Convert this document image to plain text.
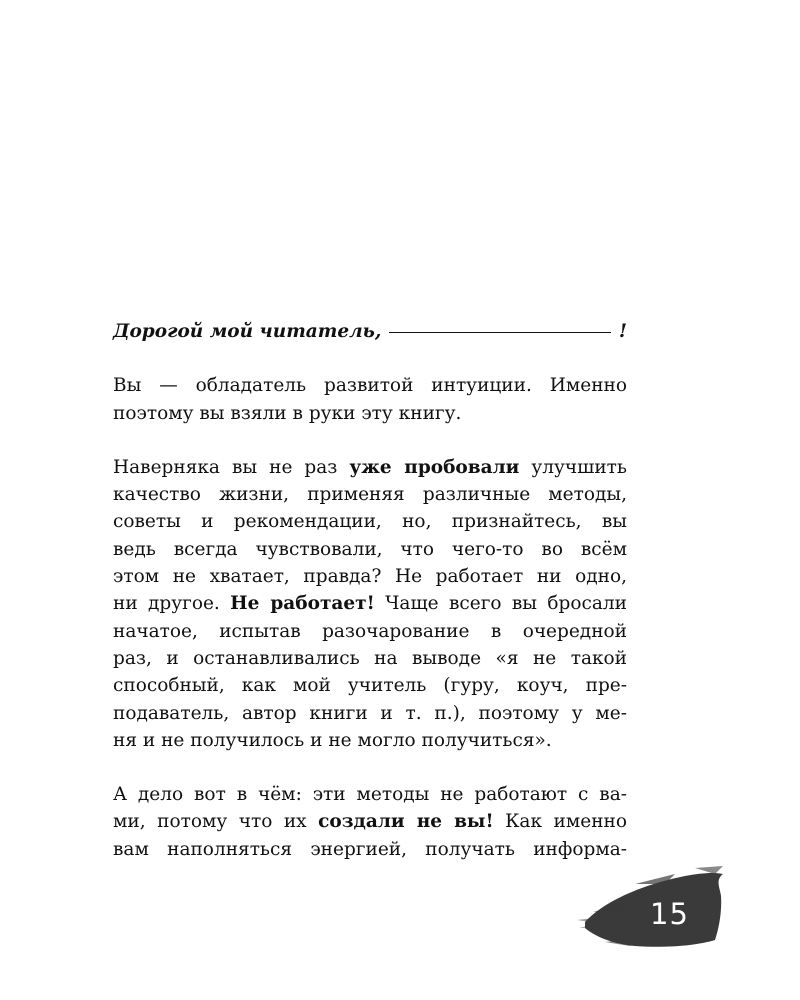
Дорогой мой читатель,	!

Вы — обладатель развитой интуиции. Именно
поэтому вы взяли в руки эту книгу.

Наверняка вы не раз уже пробовали улучшить
качество жизни, применяя различные методы,
советы и рекомендации, но, признайтесь, вы
ведь всегда чувствовали, что чего-то во всём
этом не хватает, правда? Не работает ни одно,
ни другое. Не работает! Чаще всего вы бросали
начатое, испытав разочарование в очередной
раз, и останавливались на выводе «я не такой
способный, как мой учитель (гуру, коуч, пре-
подаватель, автор книги и т. п.), поэтому у ме-
ня и не получилось и не могло получиться».

А дело вот в чём: эти методы не работают с ва-
ми, потому что их создали не вы! Как именно
вам наполняться энергией, получать информа-

15
